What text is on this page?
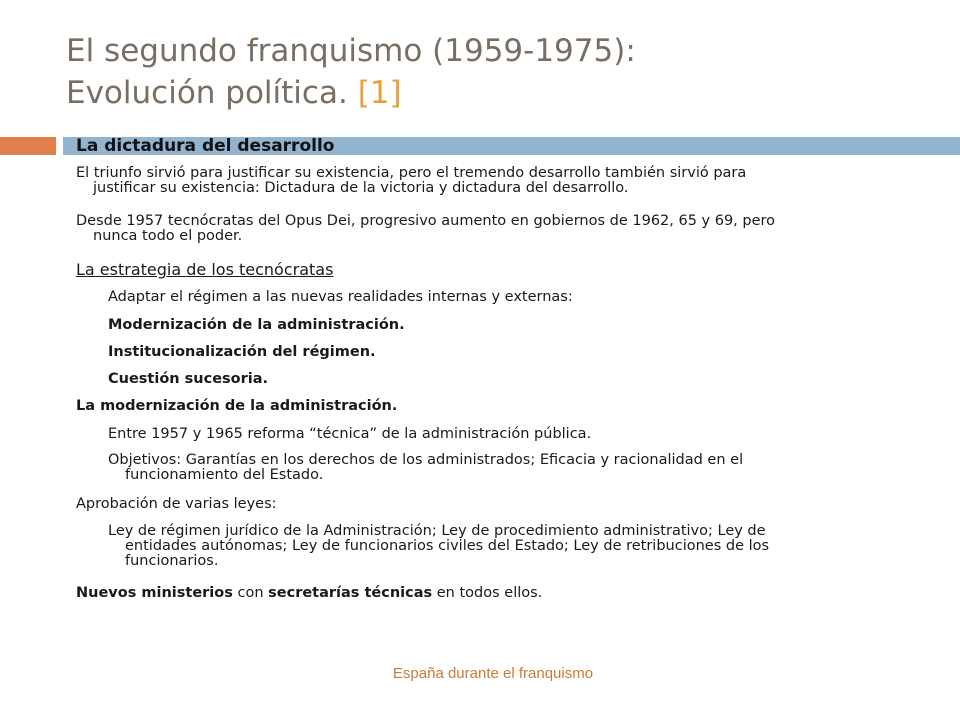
El segundo franquismo (1959-1975):
Evolución política. [1]
La dictadura del desarrollo

El triunfo sirvió para justificar su existencia, pero el tremendo desarrollo también sirvió para
justificar su existencia: Dictadura de la victoria y dictadura del desarrollo.

Desde 1957 tecnócratas del Opus Dei, progresivo aumento en gobiernos de 1962, 65 y 69, pero
nunca todo el poder.

La estrategia de los tecnócratas

Adaptar el régimen a las nuevas realidades internas y externas:

Modernización de la administración.

Institucionalización del régimen.

Cuestión sucesoria.

La modernización de la administración.

Entre 1957 y 1965 reforma “técnica” de la administración pública.

Objetivos: Garantías en los derechos de los administrados; Eficacia y racionalidad en el
funcionamiento del Estado.

Aprobación de varias leyes:

Ley de régimen jurídico de la Administración; Ley de procedimiento administrativo; Ley de
entidades autónomas; Ley de funcionarios civiles del Estado; Ley de retribuciones de los
funcionarios.

Nuevos ministerios con secretarías técnicas en todos ellos.

España durante el franquismo
